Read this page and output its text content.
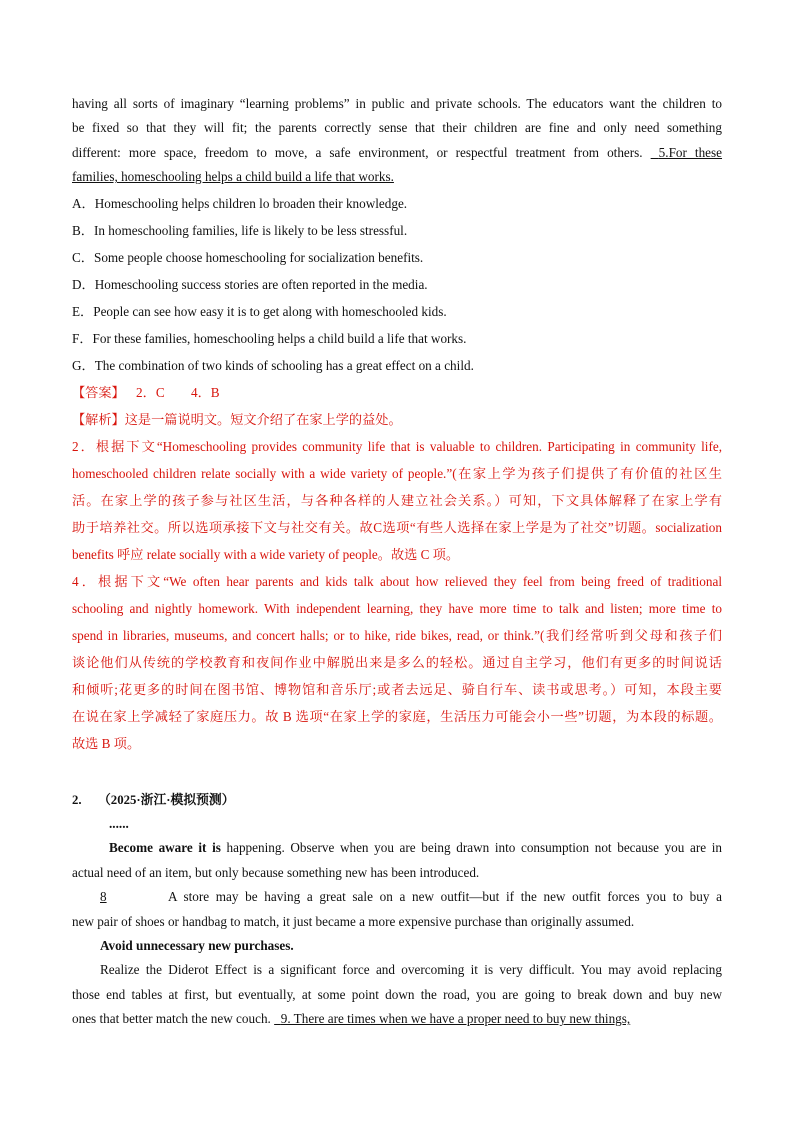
having all sorts of imaginary “learning problems” in public and private schools. The educators want the children to
be fixed so that they will fit; the parents correctly sense that their children are fine and only need something
different: more space, freedom to move, a safe environment, or respectful treatment from others. 5.For these
families, homeschooling helps a child build a life that works.
A．Homeschooling helps children lo broaden their knowledge.
B．In homeschooling families, life is likely to be less stressful.
C．Some people choose homeschooling for socialization benefits.
D．Homeschooling success stories are often reported in the media.
E．People can see how easy it is to get along with homeschooled kids.
F．For these families, homeschooling helps a child build a life that works.
G．The combination of two kinds of schooling has a great effect on a child.
【答案】 2．C　　4．B
【解析】这是一篇说明文。短文介绍了在家上学的益处。
2．根据下文“Homeschooling provides community life that is valuable to children. Participating in community life,
homeschooled children relate socially with a wide variety of people.”(在家上学为孩子们提供了有价值的社区生
活。在家上学的孩子参与社区生活，与各种各样的人建立社会关系。）可知，下文具体解释了在家上学有
助于培养社交。所以选项承接下文与社交有关。故C选项“有些人选择在家上学是为了社交”切题。socialization
benefits 呼应 relate socially with a wide variety of people。故选 C 项。
4．根据下文“We often hear parents and kids talk about how relieved they feel from being freed of traditional
schooling and nightly homework. With independent learning, they have more time to talk and listen; more time to
spend in libraries, museums, and concert halls; or to hike, ride bikes, read, or think.”(我们经常听到父母和孩子们
谈论他们从传统的学校教育和夜间作业中解脱出来是多么的轻松。通过自主学习，他们有更多的时间说话
和倾听;花更多的时间在图书馆、博物馆和音乐厅;或者去远足、骑自行车、读书或思考。）可知，本段主要
在说在家上学减轻了家庭压力。故 B 选项“在家上学的家庭，生活压力可能会小一些”切题，为本段的标题。
故选 B 项。
2. （2025·浙江·模拟预测）
......
Become aware it is happening. Observe when you are being drawn into consumption not because you are in
actual need of an item, but only because something new has been introduced.
8	A store may be having a great sale on a new outfit—but if the new outfit forces you to buy a
new pair of shoes or handbag to match, it just became a more expensive purchase than originally assumed.
Avoid unnecessary new purchases.
Realize the Diderot Effect is a significant force and overcoming it is very difficult. You may avoid replacing
those end tables at first, but eventually, at some point down the road, you are going to break down and buy new
ones that better match the new couch. 9. There are times when we have a proper need to buy new things,
